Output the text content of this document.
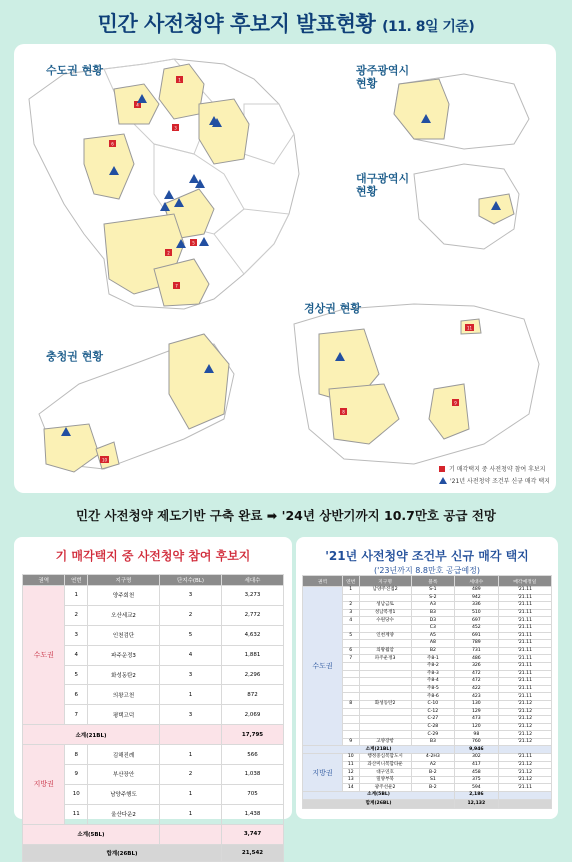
민간 사전청약 후보지 발표현황 (11. 8일 기준)
1
4
6
2
5
7
8
9
11
10
3
수도권 현황	광주광역시
현황
대구광역시
현황
경상권 현황
충청권 현황
기 매각택지 중 사전청약 참여 후보지
'21년 사전청약 조건부 신규 매각 택지
민간 사전청약 제도기반 구축 완료 ➡ '24년 상반기까지 10.7만호 공급 전망
기 매각택지 중 사전청약 참여 후보지
권역	연번	지구명	단지수(BL)	세대수
수도권	1	양주회천	3	3,273
	2	오산세교2	2	2,772
	3	인천검단	5	4,632
	4	파주운정3	4	1,881
	5	화성동탄2	3	2,296
	6	의왕고천	1	872
	7	평택고덕	3	2,069
소계(21BL)				17,795
지방권	8	김해진례	1	566
	9	부산장안	2	1,038
	10	남양주행도	1	705
	11	울산다운2	1	1,438
소계(5BL)				3,747
합계(26BL)				21,542
'21년 사전청약 조건부 신규 매각 택지
('23년까지 8.8만호 공급예정)
권역	연번	지구명	블록	세대수	매각예정일
수도권	1	남양주진접2	S-1	489	'21.11
			S-2	942	'21.11
	2	성남금토	A3	336	'21.11
	3	성남복정1	B3	510	'21.11
	4	수원당수	D3	697	'21.11
			C3	452	'21.11
	5	인천계양	A5	691	'21.11
			A8	789	'21.11
	6	의왕월암	B2	731	'21.11
	7	파주운정3	주8-1	486	'21.11
			주8-2	326	'21.11
			주8-3	472	'21.11
			주8-4	472	'21.11
			주8-5	422	'21.11
			주8-6	423	'21.11
	8	화성동탄2	C-10	130	'21.12
			C-12	129	'21.12
			C-27	473	'21.12
			C-28	120	'21.12
			C-29	98	'21.12
	9	고양장항	B3	760	'21.12
소계(21BL)				9,946	
지방권	10	행정중심복합도시	4-2H3	302	'21.11
	11	과산미니복합타운	A2	417	'21.12
	12	대구연호	B-2	458	'21.12
	13	밀양부북	S1	375	'21.12
	14	광주선운2	B-2	594	'21.11
소계(5BL)				2,186	
합계(26BL)				12,132	
